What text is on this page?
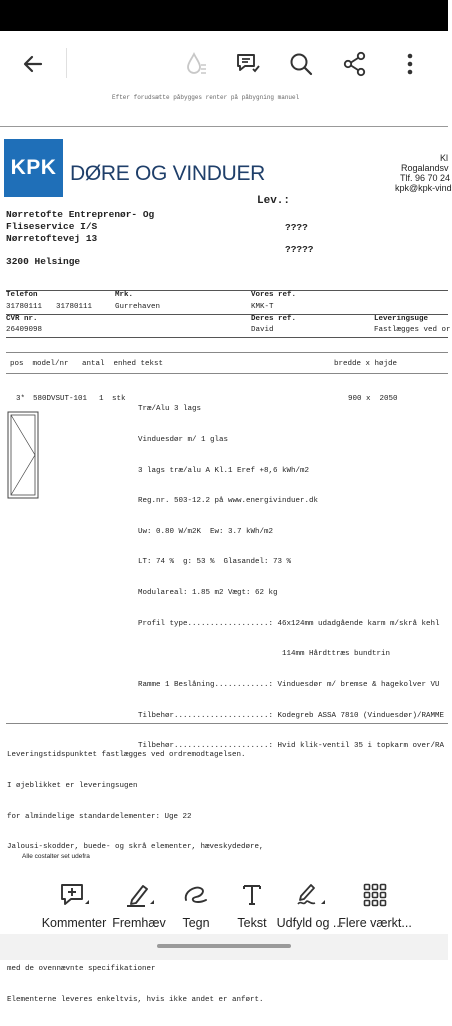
Efter forudsætte påbygges renter på påbygning manuel
KPK DØRE OG VINDUER
Kl
Rogalandsv
Tlf. 96 70 24
kpk@kpk-vind
Lev.:
Nørretofte Entreprenør- Og
Fliseservice I/S
Nørretoftevej 13
3200 Helsinge
????
?????
Telefon	Mrk.	Vores ref.
31780111 31780111	Gurrehaven	KMK-T
CVR nr.	Deres ref.	Leveringsuge
26409098	David	Fastlægges ved or
pos  model/nr   antal  enhed tekst	bredde x højde
3* 580DVSUT-101 1 stk	900 x  2050

Træ/Alu 3 lags

Vinduesdør m/ 1 glas

3 lags træ/alu A Kl.1 Eref +8,6 kWh/m2

Reg.nr. 503-12.2 på www.energivinduer.dk

Uw: 0.80 W/m2K  Ew: 3.7 kWh/m2

LT: 74 %  g: 53 %  Glasandel: 73 %

Modulareal: 1.85 m2 Vægt: 62 kg

Profil type..................: 46x124mm udadgående karm m/skrå kehl

114mm Hårdttræs bundtrin

Ramme 1 Beslåning............: Vinduesdør m/ bremse & hagekolver VU

Tilbehør.....................: Kodegreb ASSA 7810 (Vinduesdør)/RAMME

Tilbehør.....................: Hvid klik-ventil 35 i topkarm over/RA

Leveringstidspunktet fastlægges ved ordremodtagelsen.

I øjeblikket er leveringsugen

for almindelige standardelementer: Uge 22

Jalousi-skodder, buede- og skrå elementer, hæveskydedøre,

med de ovennævnte specifikationer

Elementerne leveres enkeltvis, hvis ikke andet er anført.

Alle costalter set udefra
Kommenter Fremhæv Tegn Tekst Udfyld og ...
Flere værkt...
